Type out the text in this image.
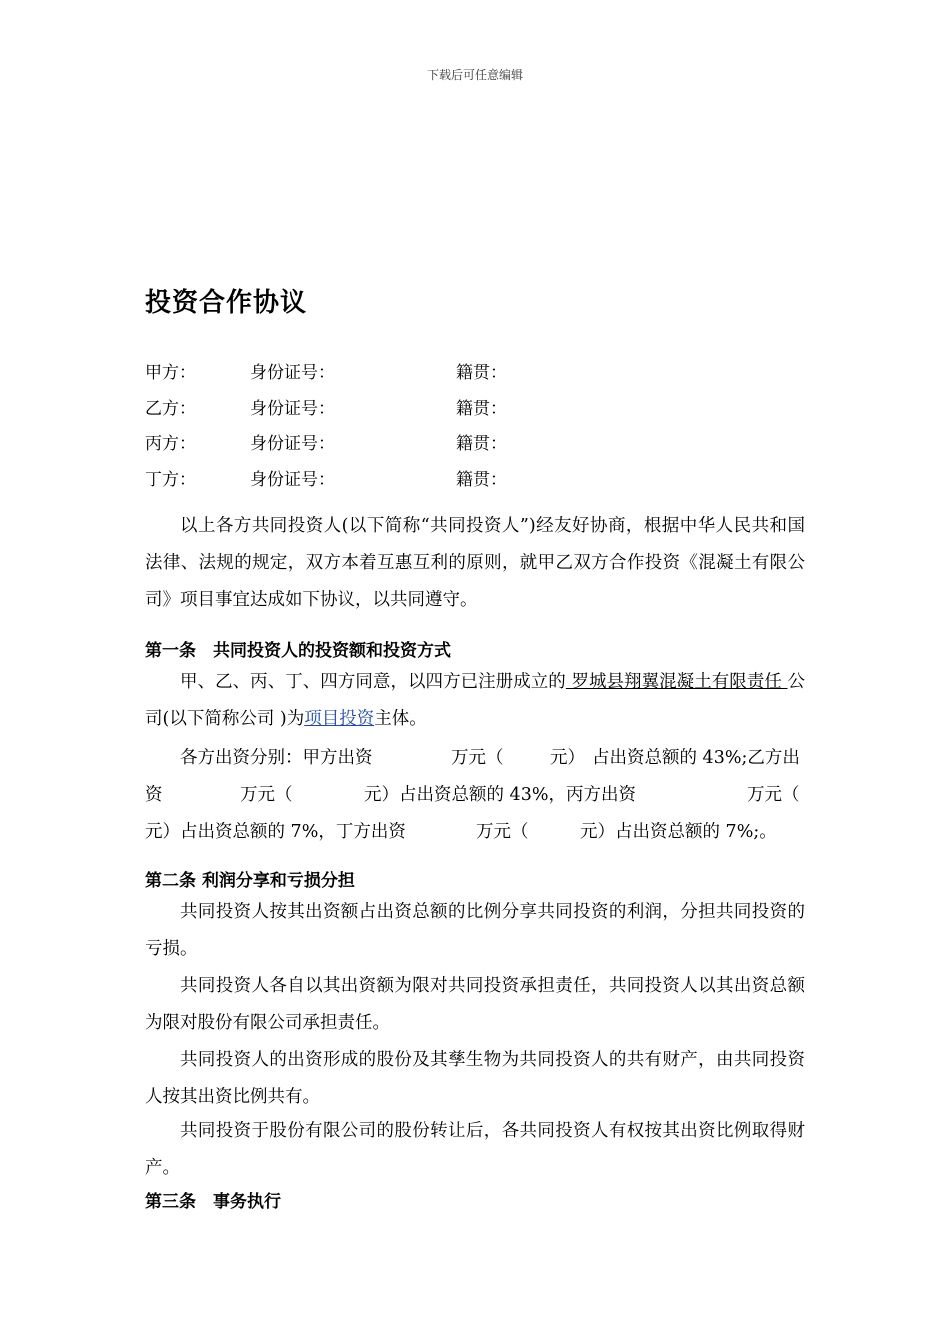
下载后可任意编辑
投资合作协议
甲方：	身份证号：	籍贯：
乙方：	身份证号：	籍贯：
丙方：	身份证号：	籍贯：
丁方：	身份证号：	籍贯：

以上各方共同投资人(以下简称“共同投资人”)经友好协商，根据中华人民共和国法律、法规的规定，双方本着互惠互利的原则，就甲乙双方合作投资《混凝土有限公司》项目事宜达成如下协议，以共同遵守。

第一条　共同投资人的投资额和投资方式

甲、乙、丙、丁、四方同意，以四方已注册成立的 罗城县翔翼混凝土有限责任 公司(以下简称公司 )为项目投资主体。

各方出资分别：甲方出资	万元（	元） 占出资总额的 43%;乙方出
资	万元（	元）占出资总额的 43%，丙方出资	万元（
元）占出资总额的 7%，丁方出资	万元（	元）占出资总额的 7%;。
第二条 利润分享和亏损分担

共同投资人按其出资额占出资总额的比例分享共同投资的利润，分担共同投资的亏损。

共同投资人各自以其出资额为限对共同投资承担责任，共同投资人以其出资总额为限对股份有限公司承担责任。

共同投资人的出资形成的股份及其孳生物为共同投资人的共有财产，由共同投资人按其出资比例共有。

共同投资于股份有限公司的股份转让后，各共同投资人有权按其出资比例取得财产。

第三条　事务执行
